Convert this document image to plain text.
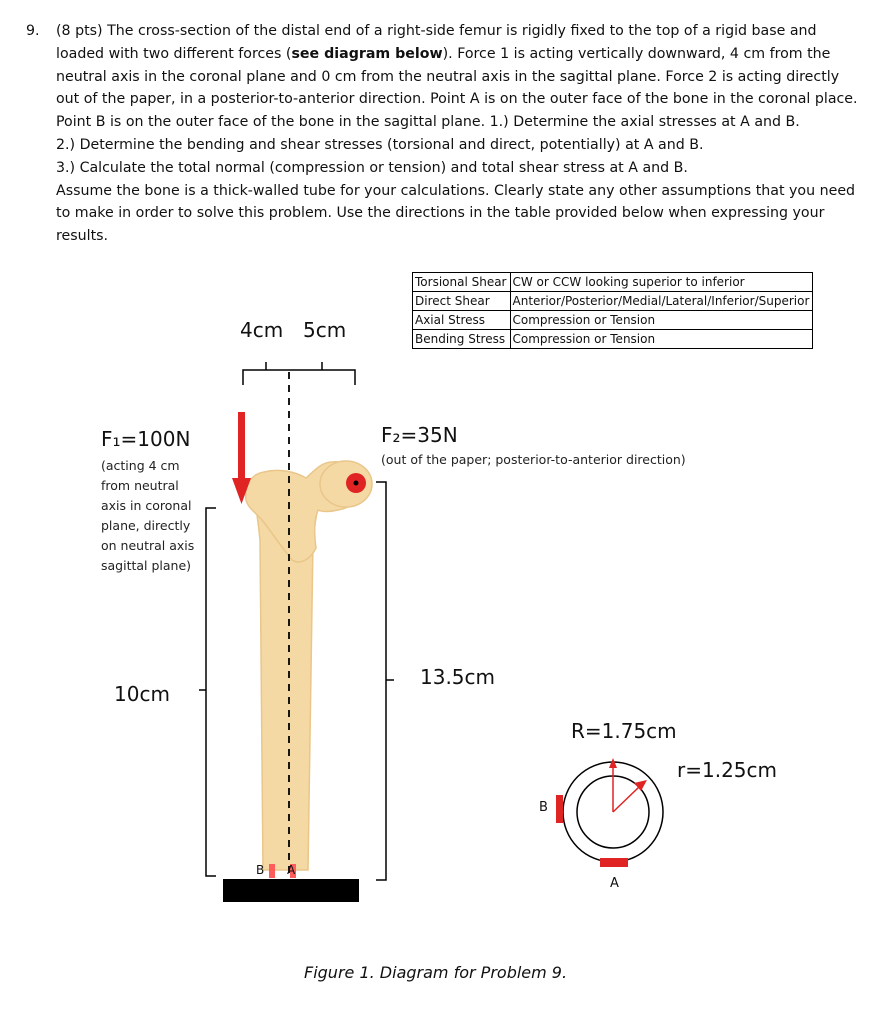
9. (8 pts) The cross-section of the distal end of a right-side femur is rigidly fixed to the top of a rigid base and loaded with two different forces (see diagram below). Force 1 is acting vertically downward, 4 cm from the neutral axis in the coronal plane and 0 cm from the neutral axis in the sagittal plane. Force 2 is acting directly out of the paper, in a posterior-to-anterior direction. Point A is on the outer face of the bone in the coronal place. Point B is on the outer face of the bone in the sagittal plane. 1.) Determine the axial stresses at A and B.

2.) Determine the bending and shear stresses (torsional and direct, potentially) at A and B.

3.) Calculate the total normal (compression or tension) and total shear stress at A and B.

Assume the bone is a thick-walled tube for your calculations. Clearly state any other assumptions that you need to make in order to solve this problem. Use the directions in the table provided below when expressing your results.

Torsional Shear	CW or CCW looking superior to inferior
Direct Shear	Anterior/Posterior/Medial/Lateral/Inferior/Superior
Axial Stress	Compression or Tension
Bending Stress	Compression or Tension
4cm 5cm
F₁=100N
(acting 4 cm
from neutral
axis in coronal
plane, directly
on neutral axis
sagittal plane)
F₂=35N
(out of the paper; posterior-to-anterior direction)
10cm
13.5cm
R=1.75cm
r=1.25cm
B
A
B A
Figure 1. Diagram for Problem 9.
